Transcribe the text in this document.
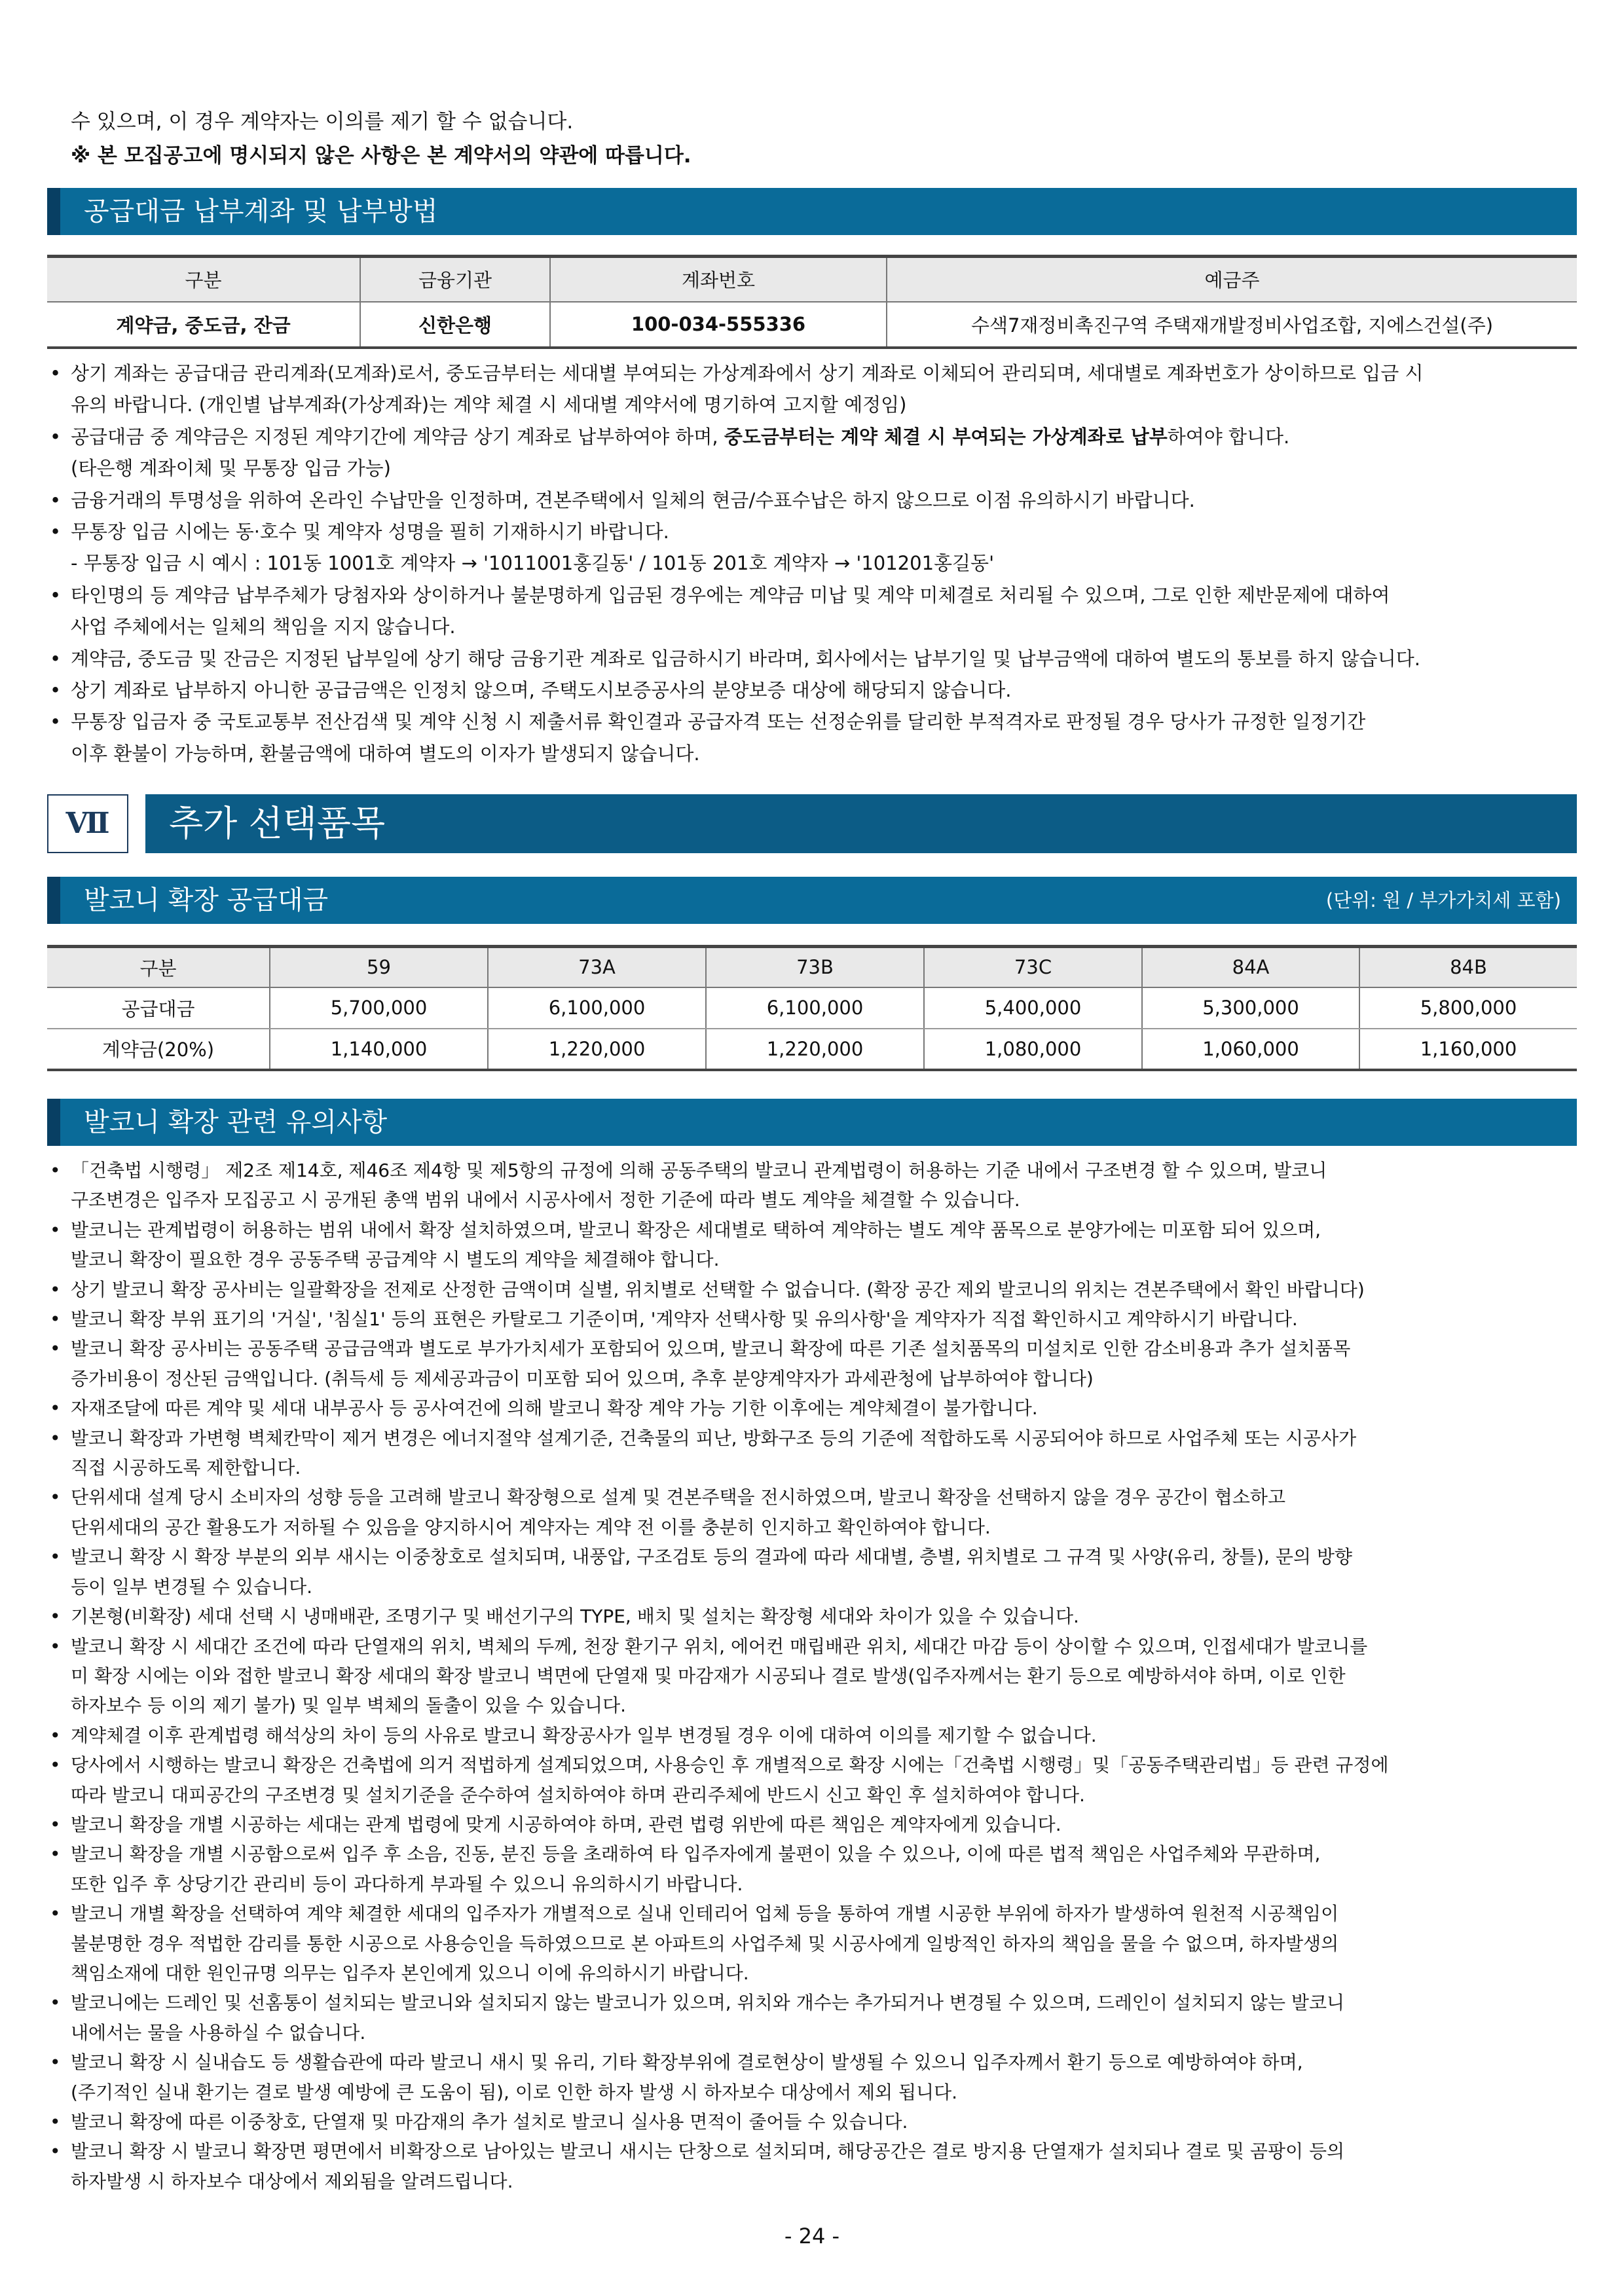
수 있으며, 이 경우 계약자는 이의를 제기 할 수 없습니다.
※ 본 모집공고에 명시되지 않은 사항은 본 계약서의 약관에 따릅니다.
공급대금 납부계좌 및 납부방법
구분	금융기관	계좌번호	예금주
계약금, 중도금, 잔금	신한은행	100-034-555336	수색7재정비촉진구역 주택재개발정비사업조합, 지에스건설(주)
• 상기 계좌는 공급대금 관리계좌(모계좌)로서, 중도금부터는 세대별 부여되는 가상계좌에서 상기 계좌로 이체되어 관리되며, 세대별로 계좌번호가 상이하므로 입금 시
유의 바랍니다. (개인별 납부계좌(가상계좌)는 계약 체결 시 세대별 계약서에 명기하여 고지할 예정임)
• 공급대금 중 계약금은 지정된 계약기간에 계약금 상기 계좌로 납부하여야 하며, 중도금부터는 계약 체결 시 부여되는 가상계좌로 납부하여야 합니다.
(타은행 계좌이체 및 무통장 입금 가능)
• 금융거래의 투명성을 위하여 온라인 수납만을 인정하며, 견본주택에서 일체의 현금/수표수납은 하지 않으므로 이점 유의하시기 바랍니다.
• 무통장 입금 시에는 동·호수 및 계약자 성명을 필히 기재하시기 바랍니다.
- 무통장 입금 시 예시 : 101동 1001호 계약자 → '1011001홍길동' / 101동 201호 계약자 → '101201홍길동'
• 타인명의 등 계약금 납부주체가 당첨자와 상이하거나 불분명하게 입금된 경우에는 계약금 미납 및 계약 미체결로 처리될 수 있으며, 그로 인한 제반문제에 대하여
사업 주체에서는 일체의 책임을 지지 않습니다.
• 계약금, 중도금 및 잔금은 지정된 납부일에 상기 해당 금융기관 계좌로 입금하시기 바라며, 회사에서는 납부기일 및 납부금액에 대하여 별도의 통보를 하지 않습니다.
• 상기 계좌로 납부하지 아니한 공급금액은 인정치 않으며, 주택도시보증공사의 분양보증 대상에 해당되지 않습니다.
• 무통장 입금자 중 국토교통부 전산검색 및 계약 신청 시 제출서류 확인결과 공급자격 또는 선정순위를 달리한 부적격자로 판정될 경우 당사가 규정한 일정기간
이후 환불이 가능하며, 환불금액에 대하여 별도의 이자가 발생되지 않습니다.
Ⅶ	추가 선택품목
발코니 확장 공급대금	(단위: 원 / 부가가치세 포함)
구분	59	73A	73B	73C	84A	84B
공급대금	5,700,000	6,100,000	6,100,000	5,400,000	5,300,000	5,800,000
계약금(20%)	1,140,000	1,220,000	1,220,000	1,080,000	1,060,000	1,160,000
발코니 확장 관련 유의사항
• 「건축법 시행령」 제2조 제14호, 제46조 제4항 및 제5항의 규정에 의해 공동주택의 발코니 관계법령이 허용하는 기준 내에서 구조변경 할 수 있으며, 발코니
구조변경은 입주자 모집공고 시 공개된 총액 범위 내에서 시공사에서 정한 기준에 따라 별도 계약을 체결할 수 있습니다.
• 발코니는 관계법령이 허용하는 범위 내에서 확장 설치하였으며, 발코니 확장은 세대별로 택하여 계약하는 별도 계약 품목으로 분양가에는 미포함 되어 있으며,
발코니 확장이 필요한 경우 공동주택 공급계약 시 별도의 계약을 체결해야 합니다.
• 상기 발코니 확장 공사비는 일괄확장을 전제로 산정한 금액이며 실별, 위치별로 선택할 수 없습니다. (확장 공간 제외 발코니의 위치는 견본주택에서 확인 바랍니다)
• 발코니 확장 부위 표기의 '거실', '침실1' 등의 표현은 카탈로그 기준이며, '계약자 선택사항 및 유의사항'을 계약자가 직접 확인하시고 계약하시기 바랍니다.
• 발코니 확장 공사비는 공동주택 공급금액과 별도로 부가가치세가 포함되어 있으며, 발코니 확장에 따른 기존 설치품목의 미설치로 인한 감소비용과 추가 설치품목
증가비용이 정산된 금액입니다. (취득세 등 제세공과금이 미포함 되어 있으며, 추후 분양계약자가 과세관청에 납부하여야 합니다)
• 자재조달에 따른 계약 및 세대 내부공사 등 공사여건에 의해 발코니 확장 계약 가능 기한 이후에는 계약체결이 불가합니다.
• 발코니 확장과 가변형 벽체칸막이 제거 변경은 에너지절약 설계기준, 건축물의 피난, 방화구조 등의 기준에 적합하도록 시공되어야 하므로 사업주체 또는 시공사가
직접 시공하도록 제한합니다.
• 단위세대 설계 당시 소비자의 성향 등을 고려해 발코니 확장형으로 설계 및 견본주택을 전시하였으며, 발코니 확장을 선택하지 않을 경우 공간이 협소하고
단위세대의 공간 활용도가 저하될 수 있음을 양지하시어 계약자는 계약 전 이를 충분히 인지하고 확인하여야 합니다.
• 발코니 확장 시 확장 부분의 외부 새시는 이중창호로 설치되며, 내풍압, 구조검토 등의 결과에 따라 세대별, 층별, 위치별로 그 규격 및 사양(유리, 창틀), 문의 방향
등이 일부 변경될 수 있습니다.
• 기본형(비확장) 세대 선택 시 냉매배관, 조명기구 및 배선기구의 TYPE, 배치 및 설치는 확장형 세대와 차이가 있을 수 있습니다.
• 발코니 확장 시 세대간 조건에 따라 단열재의 위치, 벽체의 두께, 천장 환기구 위치, 에어컨 매립배관 위치, 세대간 마감 등이 상이할 수 있으며, 인접세대가 발코니를
미 확장 시에는 이와 접한 발코니 확장 세대의 확장 발코니 벽면에 단열재 및 마감재가 시공되나 결로 발생(입주자께서는 환기 등으로 예방하셔야 하며, 이로 인한
하자보수 등 이의 제기 불가) 및 일부 벽체의 돌출이 있을 수 있습니다.
• 계약체결 이후 관계법령 해석상의 차이 등의 사유로 발코니 확장공사가 일부 변경될 경우 이에 대하여 이의를 제기할 수 없습니다.
• 당사에서 시행하는 발코니 확장은 건축법에 의거 적법하게 설계되었으며, 사용승인 후 개별적으로 확장 시에는「건축법 시행령」및「공동주택관리법」등 관련 규정에
따라 발코니 대피공간의 구조변경 및 설치기준을 준수하여 설치하여야 하며 관리주체에 반드시 신고 확인 후 설치하여야 합니다.
• 발코니 확장을 개별 시공하는 세대는 관계 법령에 맞게 시공하여야 하며, 관련 법령 위반에 따른 책임은 계약자에게 있습니다.
• 발코니 확장을 개별 시공함으로써 입주 후 소음, 진동, 분진 등을 초래하여 타 입주자에게 불편이 있을 수 있으나, 이에 따른 법적 책임은 사업주체와 무관하며,
또한 입주 후 상당기간 관리비 등이 과다하게 부과될 수 있으니 유의하시기 바랍니다.
• 발코니 개별 확장을 선택하여 계약 체결한 세대의 입주자가 개별적으로 실내 인테리어 업체 등을 통하여 개별 시공한 부위에 하자가 발생하여 원천적 시공책임이
불분명한 경우 적법한 감리를 통한 시공으로 사용승인을 득하였으므로 본 아파트의 사업주체 및 시공사에게 일방적인 하자의 책임을 물을 수 없으며, 하자발생의
책임소재에 대한 원인규명 의무는 입주자 본인에게 있으니 이에 유의하시기 바랍니다.
• 발코니에는 드레인 및 선홈통이 설치되는 발코니와 설치되지 않는 발코니가 있으며, 위치와 개수는 추가되거나 변경될 수 있으며, 드레인이 설치되지 않는 발코니
내에서는 물을 사용하실 수 없습니다.
• 발코니 확장 시 실내습도 등 생활습관에 따라 발코니 새시 및 유리, 기타 확장부위에 결로현상이 발생될 수 있으니 입주자께서 환기 등으로 예방하여야 하며,
(주기적인 실내 환기는 결로 발생 예방에 큰 도움이 됨), 이로 인한 하자 발생 시 하자보수 대상에서 제외 됩니다.
• 발코니 확장에 따른 이중창호, 단열재 및 마감재의 추가 설치로 발코니 실사용 면적이 줄어들 수 있습니다.
• 발코니 확장 시 발코니 확장면 평면에서 비확장으로 남아있는 발코니 새시는 단창으로 설치되며, 해당공간은 결로 방지용 단열재가 설치되나 결로 및 곰팡이 등의
하자발생 시 하자보수 대상에서 제외됨을 알려드립니다.
- 24 -
